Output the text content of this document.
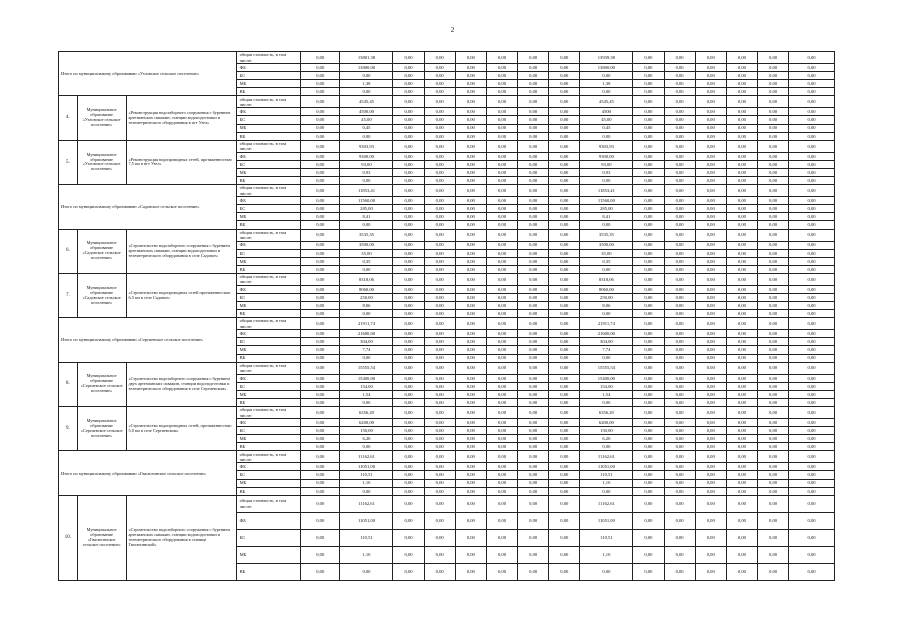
2
Итого по муниципальному образованию «Узловское сельское поселение»			общая стоимость, в том числе:	0,00	13801,38	0,00	0,00	0,00	0,00	0,00	0,00	13939,38	0,00	0,00	0,00	0,00	0,00	0,00
			ФБ	0,00	13800,00	0,00	0,00	0,00	0,00	0,00	0,00	13800,00	0,00	0,00	0,00	0,00	0,00	0,00
			БС	0,00	0,00	0,00	0,00	0,00	0,00	0,00	0,00	0,00	0,00	0,00	0,00	0,00	0,00	0,00
			МБ	0,00	1,38	0,00	0,00	0,00	0,00	0,00	0,00	1,38	0,00	0,00	0,00	0,00	0,00	0,00
			ВБ	0,00	0,00	0,00	0,00	0,00	0,00	0,00	0,00	0,00	0,00	0,00	0,00	0,00	0,00	0,00
4.	Муниципальное образование «Узловское сельское поселение»	«Реконструкция водозаборного сооружения с бурением артезианских скважин, станции водоподготовки и телеметрического оборудования в пгт Узел»	общая стоимость, в том числе:	0,00	4545,45	0,00	0,00	0,00	0,00	0,00	0,00	4545,45	0,00	0,00	0,00	0,00	0,00	0,00
			ФБ	0,00	4500,00	0,00	0,00	0,00	0,00	0,00	0,00	4500	0,00	0,00	0,00	0,00	0,00	0,00
			БС	0,00	45,00	0,00	0,00	0,00	0,00	0,00	0,00	45,00	0,00	0,00	0,00	0,00	0,00	0,00
			МБ	0,00	0,45	0,00	0,00	0,00	0,00	0,00	0,00	0,45	0,00	0,00	0,00	0,00	0,00	0,00
			ВБ	0,00	0,00	0,00	0,00	0,00	0,00	0,00	0,00	0,00	0,00	0,00	0,00	0,00	0,00	0,00
5.	Муниципальное образование «Узловское сельское поселение»	«Реконструкция водопроводных сетей, протяженностью 7,5 км в пгт Узел»	общая стоимость, в том числе:	0,00	9303,93	0,00	0,00	0,00	0,00	0,00	0,00	9303,93	0,00	0,00	0,00	0,00	0,00	0,00
			ФБ	0,00	9300,00	0,00	0,00	0,00	0,00	0,00	0,00	9300,00	0,00	0,00	0,00	0,00	0,00	0,00
			БС	0,00	93,00	0,00	0,00	0,00	0,00	0,00	0,00	93,00	0,00	0,00	0,00	0,00	0,00	0,00
			МБ	0,00	0,93	0,00	0,00	0,00	0,00	0,00	0,00	0,93	0,00	0,00	0,00	0,00	0,00	0,00
			ВБ	0,00	0,00	0,00	0,00	0,00	0,00	0,00	0,00	0,00	0,00	0,00	0,00	0,00	0,00	0,00
Итого по муниципальному образованию «Садовское сельское поселение»			общая стоимость, в том числе:	0,00	11853,41	0,00	0,00	0,00	0,00	0,00	0,00	11853,41	0,00	0,00	0,00	0,00	0,00	0,00
			ФБ	0,00	11560,00	0,00	0,00	0,00	0,00	0,00	0,00	11560,00	0,00	0,00	0,00	0,00	0,00	0,00
			БС	0,00	285,00	0,00	0,00	0,00	0,00	0,00	0,00	285,00	0,00	0,00	0,00	0,00	0,00	0,00
			МБ	0,00	8,41	0,00	0,00	0,00	0,00	0,00	0,00	8,41	0,00	0,00	0,00	0,00	0,00	0,00
			ВБ	0,00	0,00	0,00	0,00	0,00	0,00	0,00	0,00	0,00	0,00	0,00	0,00	0,00	0,00	0,00
6.	Муниципальное образование «Садовское сельское поселение»	«Строительство водозаборного сооружения с бурением артезианских скважин, станции водоподготовки и телеметрического оборудования в селе Садовое»	общая стоимость, в том числе:	0,00	3535,35	0,00	0,00	0,00	0,00	0,00	0,00	3535,35	0,00	0,00	0,00	0,00	0,00	0,00
			ФБ	0,00	3500,00	0,00	0,00	0,00	0,00	0,00	0,00	3500,00	0,00	0,00	0,00	0,00	0,00	0,00
			БС	0,00	35,00	0,00	0,00	0,00	0,00	0,00	0,00	35,00	0,00	0,00	0,00	0,00	0,00	0,00
			МБ	0,00	0,35	0,00	0,00	0,00	0,00	0,00	0,00	0,35	0,00	0,00	0,00	0,00	0,00	0,00
			ВБ	0,00	0,00	0,00	0,00	0,00	0,00	0,00	0,00	0,00	0,00	0,00	0,00	0,00	0,00	0,00
7.	Муниципальное образование «Садовское сельское поселение»	«Строительство водопроводных сетей протяженностью 6,5 км в селе Садовое»	общая стоимость, в том числе:	0,00	8318,06	0,00	0,00	0,00	0,00	0,00	0,00	8318,06	0,00	0,00	0,00	0,00	0,00	0,00
			ФБ	0,00	8060,00	0,00	0,00	0,00	0,00	0,00	0,00	8060,00	0,00	0,00	0,00	0,00	0,00	0,00
			БС	0,00	250,00	0,00	0,00	0,00	0,00	0,00	0,00	250,00	0,00	0,00	0,00	0,00	0,00	0,00
			МБ	0,00	8,06	0,00	0,00	0,00	0,00	0,00	0,00	8,06	0,00	0,00	0,00	0,00	0,00	0,00
			ВБ	0,00	0,00	0,00	0,00	0,00	0,00	0,00	0,00	0,00	0,00	0,00	0,00	0,00	0,00	0,00
Итого по муниципальному образованию «Сергиевское сельское поселение»			общая стоимость, в том числе:	0,00	21911,74	0,00	0,00	0,00	0,00	0,00	0,00	21911,74	0,00	0,00	0,00	0,00	0,00	0,00
			ФБ	0,00	21600,00	0,00	0,00	0,00	0,00	0,00	0,00	21600,00	0,00	0,00	0,00	0,00	0,00	0,00
			БС	0,00	304,00	0,00	0,00	0,00	0,00	0,00	0,00	304,00	0,00	0,00	0,00	0,00	0,00	0,00
			МБ	0,00	7,74	0,00	0,00	0,00	0,00	0,00	0,00	7,74	0,00	0,00	0,00	0,00	0,00	0,00
			ВБ	0,00	0,00	0,00	0,00	0,00	0,00	0,00	0,00	0,00	0,00	0,00	0,00	0,00	0,00	0,00
8.	Муниципальное образование «Сергиевское сельское поселение»	«Строительство водозаборного сооружения с бурением двух артезианских скважин, станции водоподготовки и телеметрического оборудования в селе Сергиевском»	общая стоимость, в том числе:	0,00	15555,54	0,00	0,00	0,00	0,00	0,00	0,00	15555,54	0,00	0,00	0,00	0,00	0,00	0,00
			ФБ	0,00	15400,00	0,00	0,00	0,00	0,00	0,00	0,00	15400,00	0,00	0,00	0,00	0,00	0,00	0,00
			БС	0,00	154,00	0,00	0,00	0,00	0,00	0,00	0,00	154,00	0,00	0,00	0,00	0,00	0,00	0,00
			МБ	0,00	1,54	0,00	0,00	0,00	0,00	0,00	0,00	1,54	0,00	0,00	0,00	0,00	0,00	0,00
			ВБ	0,00	0,00	0,00	0,00	0,00	0,00	0,00	0,00	0,00	0,00	0,00	0,00	0,00	0,00	0,00
9.	Муниципальное образование «Сергиевское сельское поселение»	«Строительство водопроводных сетей, протяженностью 5,0 км в селе Сергиевском»	общая стоимость, в том числе:	0,00	6356,20	0,00	0,00	0,00	0,00	0,00	0,00	6356,20	0,00	0,00	0,00	0,00	0,00	0,00
			ФБ	0,00	6200,00	0,00	0,00	0,00	0,00	0,00	0,00	6200,00	0,00	0,00	0,00	0,00	0,00	0,00
			БС	0,00	150,00	0,00	0,00	0,00	0,00	0,00	0,00	150,00	0,00	0,00	0,00	0,00	0,00	0,00
			МБ	0,00	6,20	0,00	0,00	0,00	0,00	0,00	0,00	6,20	0,00	0,00	0,00	0,00	0,00	0,00
			ВБ	0,00	0,00	0,00	0,00	0,00	0,00	0,00	0,00	0,00	0,00	0,00	0,00	0,00	0,00	0,00
Итого по муниципальному образованию «Гвасюгинское сельское поселение»			общая стоимость, в том числе:	0,00	11162,61	0,00	0,00	0,00	0,00	0,00	0,00	11162,61	0,00	0,00	0,00	0,00	0,00	0,00
			ФБ	0,00	11051,00	0,00	0,00	0,00	0,00	0,00	0,00	11051,00	0,00	0,00	0,00	0,00	0,00	0,00
			БС	0,00	110,51	0,00	0,00	0,00	0,00	0,00	0,00	110,51	0,00	0,00	0,00	0,00	0,00	0,00
			МБ	0,00	1,10	0,00	0,00	0,00	0,00	0,00	0,00	1,10	0,00	0,00	0,00	0,00	0,00	0,00
			ВБ	0,00	0,00	0,00	0,00	0,00	0,00	0,00	0,00	0,00	0,00	0,00	0,00	0,00	0,00	0,00
10.	Муниципальное образование «Гвасюгинское сельское поселение»	«Строительство водозаборного сооружения с бурением артезианских скважин, станции водоподготовки и телеметрического оборудования в станице Гвасюгинской»	общая стоимость, в том числе:	0,00	11162,61	0,00	0,00	0,00	0,00	0,00	0,00	11162,61	0,00	0,00	0,00	0,00	0,00	0,00
			ФБ	0,00	11051,00	0,00	0,00	0,00	0,00	0,00	0,00	11051,00	0,00	0,00	0,00	0,00	0,00	0,00
			БС	0,00	110,51	0,00	0,00	0,00	0,00	0,00	0,00	110,51	0,00	0,00	0,00	0,00	0,00	0,00
			МБ	0,00	1,10	0,00	0,00	0,00	0,00	0,00	0,00	1,10	0,00	0,00	0,00	0,00	0,00	0,00
			ВБ	0,00	0,00	0,00	0,00	0,00	0,00	0,00	0,00	0,00	0,00	0,00	0,00	0,00	0,00	0,00
